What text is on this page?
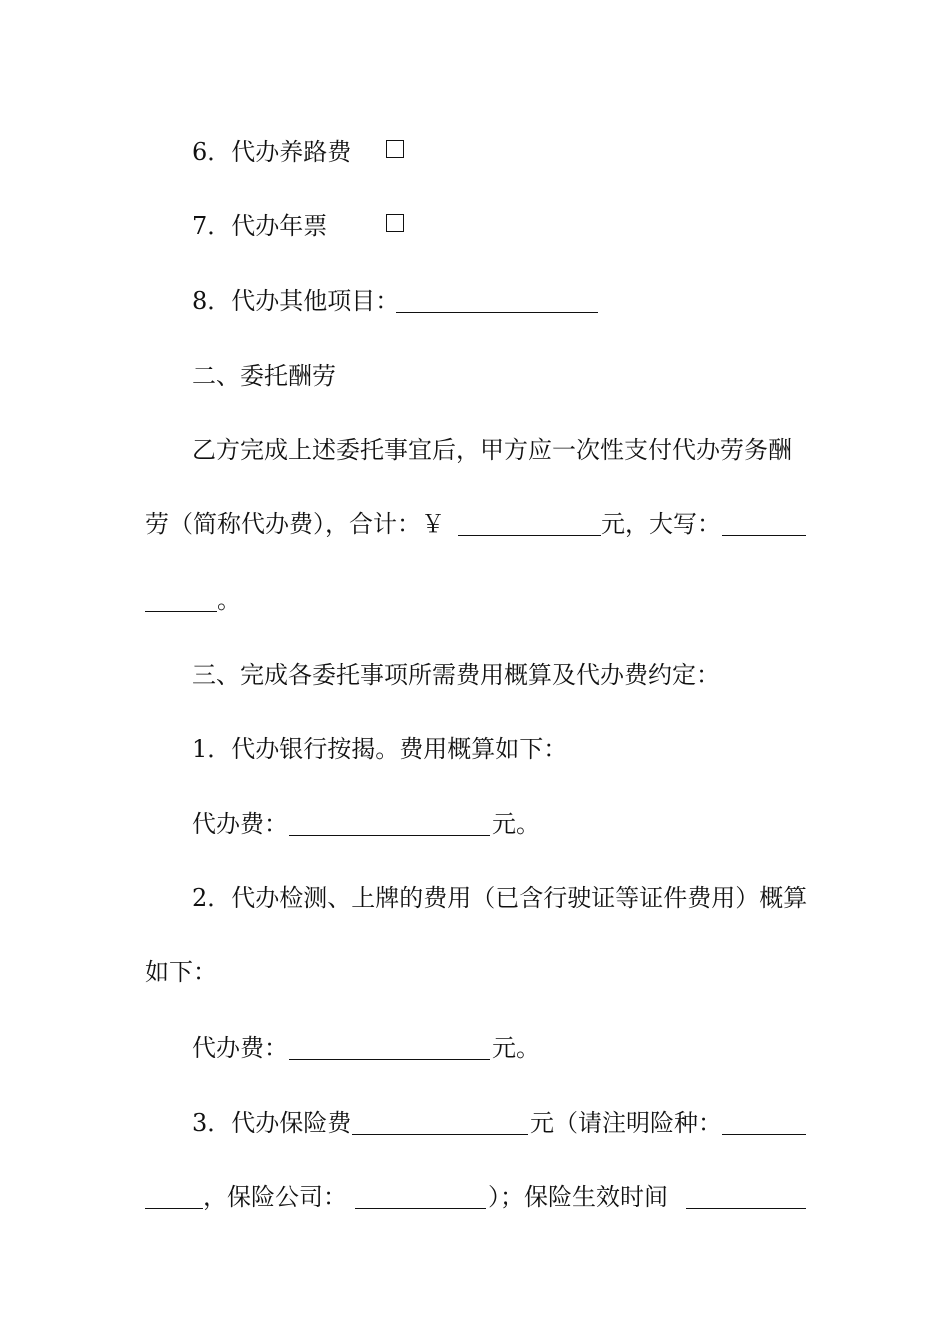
6．代办养路费
7．代办年票
8．代办其他项目：
二、委托酬劳
乙方完成上述委托事宜后，甲方应一次性支付代办劳务酬
劳（简称代办费），合计：￥	元，大写：
。
三、完成各委托事项所需费用概算及代办费约定：
1．代办银行按揭。费用概算如下：
代办费：	元。
2．代办检测、上牌的费用（已含行驶证等证件费用）概算
如下：
代办费：	元。
3．代办保险费	元（请注明险种：
，保险公司：	）；保险生效时间
